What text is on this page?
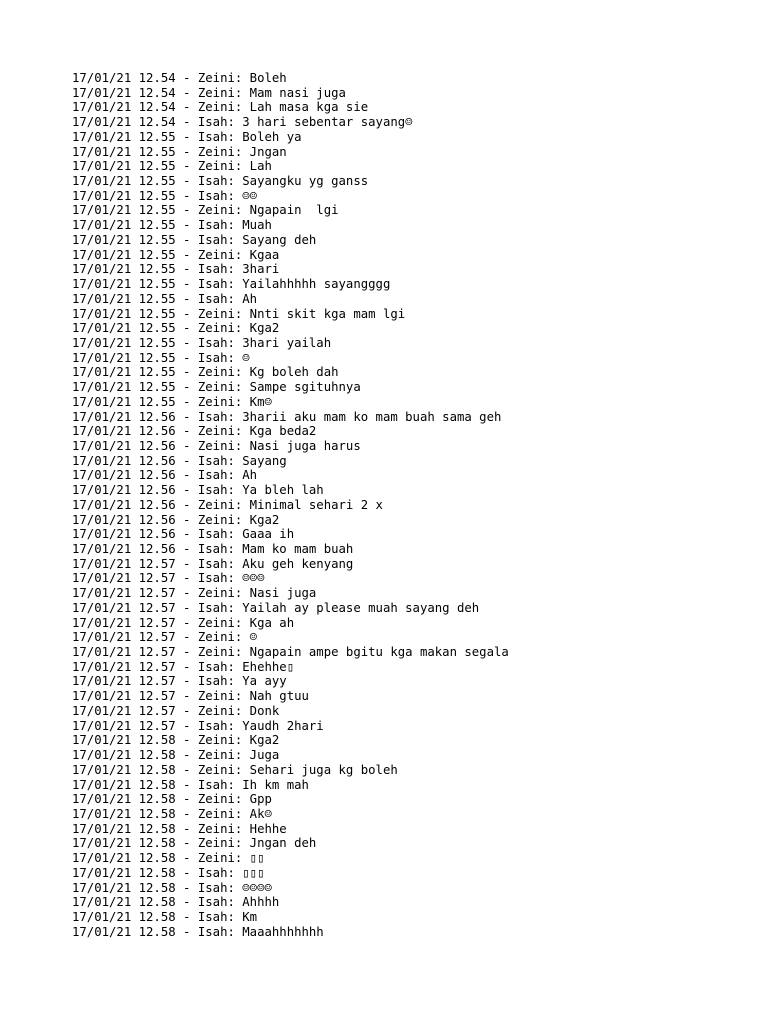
17/01/21 12.54 - Zeini: Boleh
17/01/21 12.54 - Zeini: Mam nasi juga
17/01/21 12.54 - Zeini: Lah masa kga sie
17/01/21 12.54 - Isah: 3 hari sebentar sayang☺
17/01/21 12.55 - Isah: Boleh ya
17/01/21 12.55 - Zeini: Jngan
17/01/21 12.55 - Zeini: Lah
17/01/21 12.55 - Isah: Sayangku yg ganss
17/01/21 12.55 - Isah: ☺☺
17/01/21 12.55 - Zeini: Ngapain  lgi
17/01/21 12.55 - Isah: Muah
17/01/21 12.55 - Isah: Sayang deh
17/01/21 12.55 - Zeini: Kgaa
17/01/21 12.55 - Isah: 3hari
17/01/21 12.55 - Isah: Yailahhhhh sayangggg
17/01/21 12.55 - Isah: Ah
17/01/21 12.55 - Zeini: Nnti skit kga mam lgi
17/01/21 12.55 - Zeini: Kga2
17/01/21 12.55 - Isah: 3hari yailah
17/01/21 12.55 - Isah: ☺
17/01/21 12.55 - Zeini: Kg boleh dah
17/01/21 12.55 - Zeini: Sampe sgituhnya
17/01/21 12.55 - Zeini: Km☺
17/01/21 12.56 - Isah: 3harii aku mam ko mam buah sama geh
17/01/21 12.56 - Zeini: Kga beda2
17/01/21 12.56 - Zeini: Nasi juga harus
17/01/21 12.56 - Isah: Sayang
17/01/21 12.56 - Isah: Ah
17/01/21 12.56 - Isah: Ya bleh lah
17/01/21 12.56 - Zeini: Minimal sehari 2 x
17/01/21 12.56 - Zeini: Kga2
17/01/21 12.56 - Isah: Gaaa ih
17/01/21 12.56 - Isah: Mam ko mam buah
17/01/21 12.57 - Isah: Aku geh kenyang
17/01/21 12.57 - Isah: ☺☺☺
17/01/21 12.57 - Zeini: Nasi juga
17/01/21 12.57 - Isah: Yailah ay please muah sayang deh
17/01/21 12.57 - Zeini: Kga ah
17/01/21 12.57 - Zeini: ☺
17/01/21 12.57 - Zeini: Ngapain ampe bgitu kga makan segala
17/01/21 12.57 - Isah: Ehehhe▯
17/01/21 12.57 - Isah: Ya ayy
17/01/21 12.57 - Zeini: Nah gtuu
17/01/21 12.57 - Zeini: Donk
17/01/21 12.57 - Isah: Yaudh 2hari
17/01/21 12.58 - Zeini: Kga2
17/01/21 12.58 - Zeini: Juga
17/01/21 12.58 - Zeini: Sehari juga kg boleh
17/01/21 12.58 - Isah: Ih km mah
17/01/21 12.58 - Zeini: Gpp
17/01/21 12.58 - Zeini: Ak☺
17/01/21 12.58 - Zeini: Hehhe
17/01/21 12.58 - Zeini: Jngan deh
17/01/21 12.58 - Zeini: ▯▯
17/01/21 12.58 - Isah: ▯▯▯
17/01/21 12.58 - Isah: ☺☺☺☺
17/01/21 12.58 - Isah: Ahhhh
17/01/21 12.58 - Isah: Km
17/01/21 12.58 - Isah: Maaahhhhhhh
